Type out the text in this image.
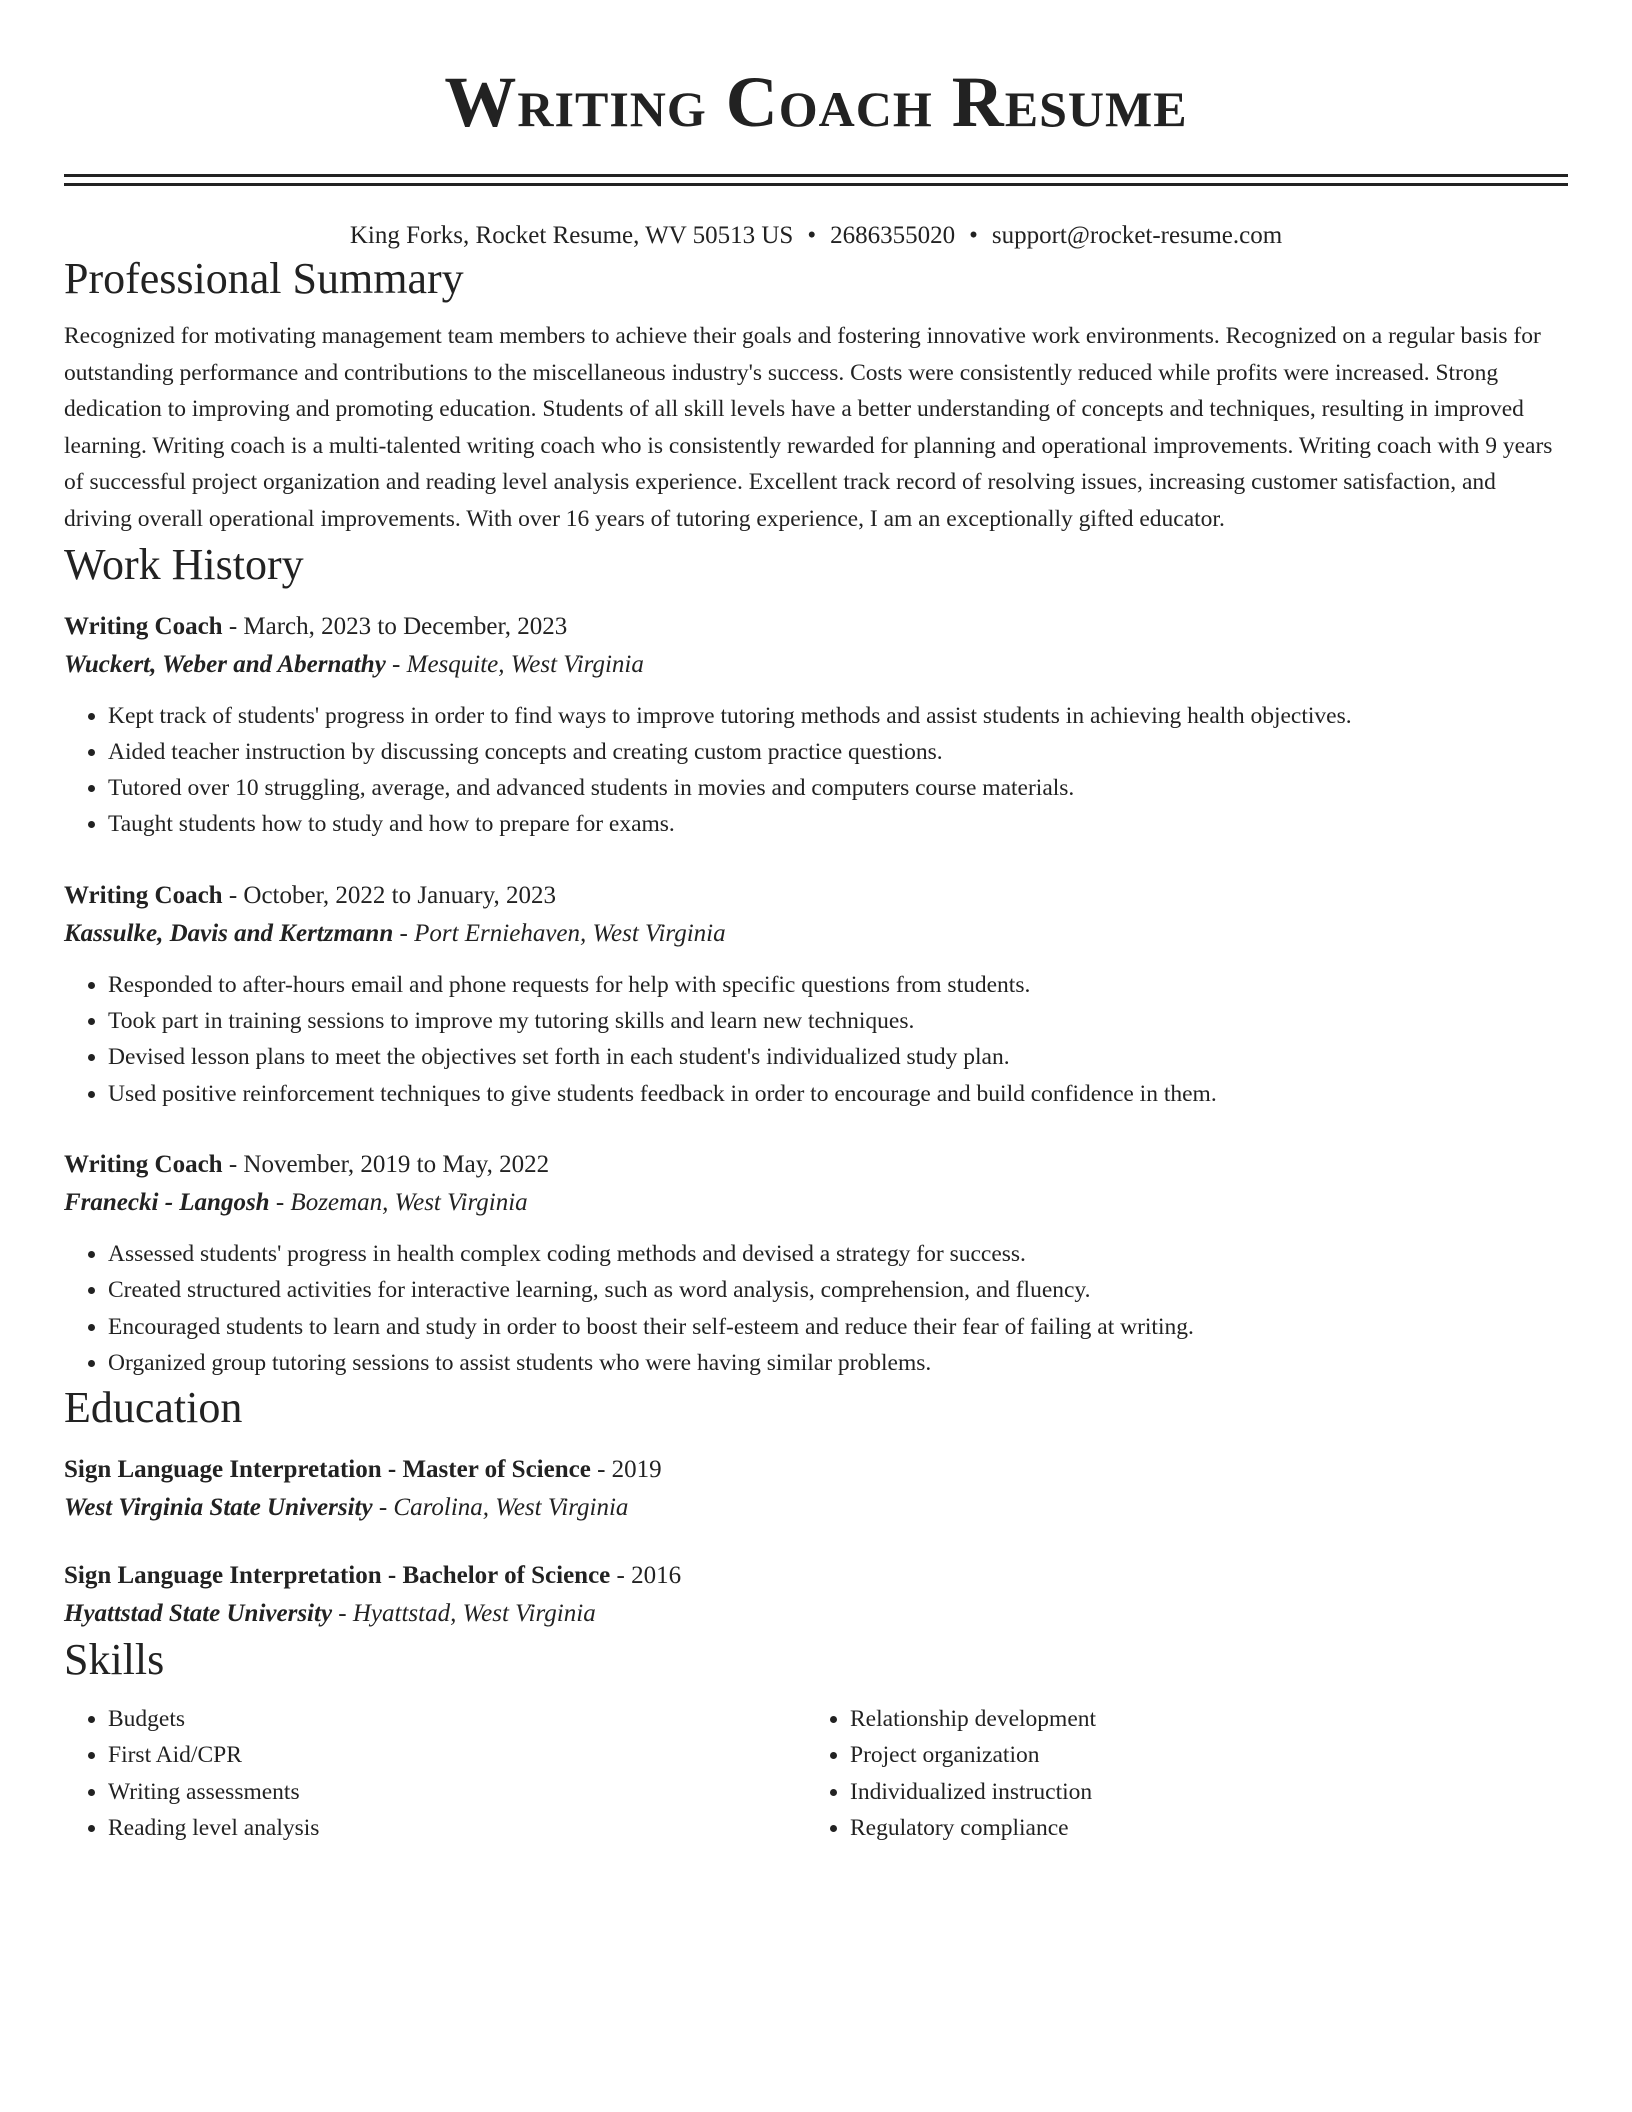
Writing Coach Resume
King Forks, Rocket Resume, WV 50513 US • 2686355020 • support@rocket-resume.com
Professional Summary
Recognized for motivating management team members to achieve their goals and fostering innovative work environments. Recognized on a regular basis for outstanding performance and contributions to the miscellaneous industry's success. Costs were consistently reduced while profits were increased. Strong dedication to improving and promoting education. Students of all skill levels have a better understanding of concepts and techniques, resulting in improved learning. Writing coach is a multi-talented writing coach who is consistently rewarded for planning and operational improvements. Writing coach with 9 years of successful project organization and reading level analysis experience. Excellent track record of resolving issues, increasing customer satisfaction, and driving overall operational improvements. With over 16 years of tutoring experience, I am an exceptionally gifted educator.
Work History
Writing Coach - March, 2023 to December, 2023
Wuckert, Weber and Abernathy - Mesquite, West Virginia
• Kept track of students' progress in order to find ways to improve tutoring methods and assist students in achieving health objectives.
• Aided teacher instruction by discussing concepts and creating custom practice questions.
• Tutored over 10 struggling, average, and advanced students in movies and computers course materials.
• Taught students how to study and how to prepare for exams.
Writing Coach - October, 2022 to January, 2023
Kassulke, Davis and Kertzmann - Port Erniehaven, West Virginia
• Responded to after-hours email and phone requests for help with specific questions from students.
• Took part in training sessions to improve my tutoring skills and learn new techniques.
• Devised lesson plans to meet the objectives set forth in each student's individualized study plan.
• Used positive reinforcement techniques to give students feedback in order to encourage and build confidence in them.
Writing Coach - November, 2019 to May, 2022
Franecki - Langosh - Bozeman, West Virginia
• Assessed students' progress in health complex coding methods and devised a strategy for success.
• Created structured activities for interactive learning, such as word analysis, comprehension, and fluency.
• Encouraged students to learn and study in order to boost their self-esteem and reduce their fear of failing at writing.
• Organized group tutoring sessions to assist students who were having similar problems.
Education
Sign Language Interpretation - Master of Science - 2019
West Virginia State University - Carolina, West Virginia
Sign Language Interpretation - Bachelor of Science - 2016
Hyattstad State University - Hyattstad, West Virginia
Skills
• Budgets
• First Aid/CPR
• Writing assessments
• Reading level analysis
• Relationship development
• Project organization
• Individualized instruction
• Regulatory compliance
